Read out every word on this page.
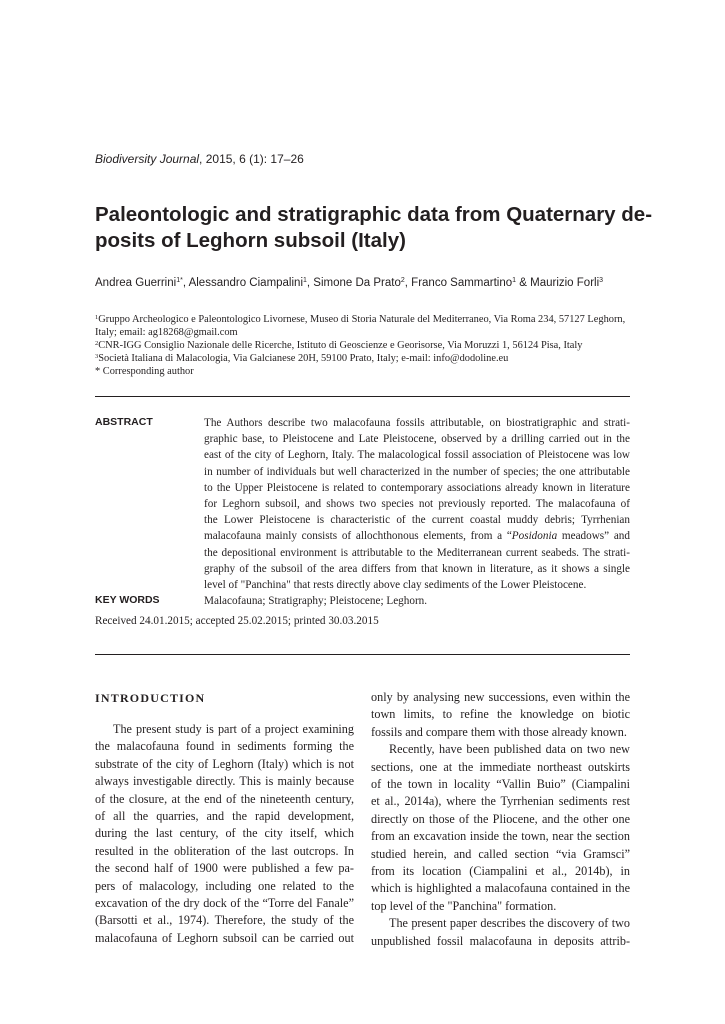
Biodiversity Journal, 2015, 6 (1): 17–26
Paleontologic and stratigraphic data from Quaternary de-
posits of Leghorn subsoil (Italy)
Andrea Guerrini$^{1*}$, Alessandro Ciampalini$^1$, Simone Da Prato$^2$, Franco Sammartino$^1$ & Maurizio Forli$^3$
$^1$Gruppo Archeologico e Paleontologico Livornese, Museo di Storia Naturale del Mediterraneo, Via Roma 234, 57127 Leghorn,
Italy; email: ag18268@gmail.com
$^2$CNR-IGG Consiglio Nazionale delle Ricerche, Istituto di Geoscienze e Georisorse, Via Moruzzi 1, 56124 Pisa, Italy
$^3$Società Italiana di Malacologia, Via Galcianese 20H, 59100 Prato, Italy; e-mail: info@dodoline.eu
* Corresponding author
ABSTRACT	The Authors describe two malacofauna fossils attributable, on biostratigraphic and strati-
graphic base, to Pleistocene and Late Pleistocene, observed by a drilling carried out in the
east of the city of Leghorn, Italy. The malacological fossil association of Pleistocene was low
in number of individuals but well characterized in the number of species; the one attributable
to the Upper Pleistocene is related to contemporary associations already known in literature
for Leghorn subsoil, and shows two species not previously reported. The malacofauna of
the Lower Pleistocene is characteristic of the current coastal muddy debris; Tyrrhenian
malacofauna mainly consists of allochthonous elements, from a “Posidonia meadows” and
the depositional environment is attributable to the Mediterranean current seabeds. The strati-
graphy of the subsoil of the area differs from that known in literature, as it shows a single
level of "Panchina" that rests directly above clay sediments of the Lower Pleistocene.
KEY WORDS	Malacofauna; Stratigraphy; Pleistocene; Leghorn.
Received 24.01.2015; accepted 25.02.2015; printed 30.03.2015
INTRODUCTION
The present study is part of a project examining
the malacofauna found in sediments forming the
substrate of the city of Leghorn (Italy) which is not
always investigable directly. This is mainly because
of the closure, at the end of the nineteenth century,
of all the quarries, and the rapid development,
during the last century, of the city itself, which
resulted in the obliteration of the last outcrops. In
the second half of 1900 were published a few pa-
pers of malacology, including one related to the
excavation of the dry dock of the “Torre del Fanale”
(Barsotti et al., 1974). Therefore, the study of the
malacofauna of Leghorn subsoil can be carried out
only by analysing new successions, even within the
town limits, to refine the knowledge on biotic
fossils and compare them with those already known.
Recently, have been published data on two new
sections, one at the immediate northeast outskirts
of the town in locality “Vallin Buio” (Ciampalini
et al., 2014a), where the Tyrrhenian sediments rest
directly on those of the Pliocene, and the other one
from an excavation inside the town, near the section
studied herein, and called section “via Gramsci”
from its location (Ciampalini et al., 2014b), in
which is highlighted a malacofauna contained in the
top level of the "Panchina" formation.
The present paper describes the discovery of two
unpublished fossil malacofauna in deposits attrib-
